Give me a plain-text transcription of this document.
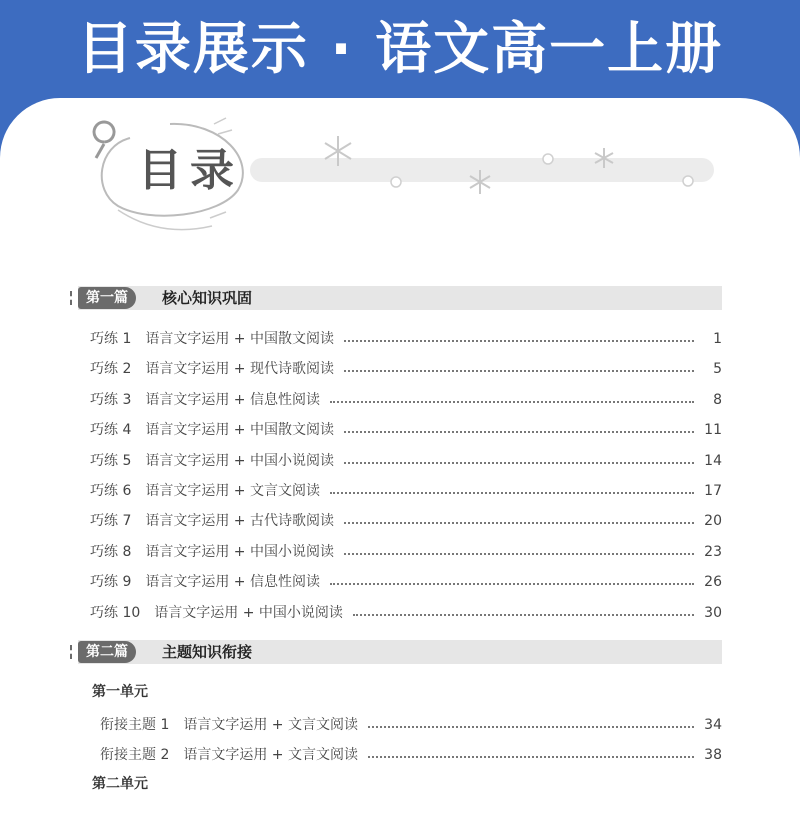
目录展示 · 语文高一上册
目录
第一篇	核心知识巩固
巧练 1 语言文字运用 + 中国散文阅读	1
巧练 2 语言文字运用 + 现代诗歌阅读	5
巧练 3 语言文字运用 + 信息性阅读	8
巧练 4 语言文字运用 + 中国散文阅读	11
巧练 5 语言文字运用 + 中国小说阅读	14
巧练 6 语言文字运用 + 文言文阅读	17
巧练 7 语言文字运用 + 古代诗歌阅读	20
巧练 8 语言文字运用 + 中国小说阅读	23
巧练 9 语言文字运用 + 信息性阅读	26
巧练 10 语言文字运用 + 中国小说阅读	30
第二篇	主题知识衔接
第一单元
衔接主题 1 语言文字运用 + 文言文阅读	34
衔接主题 2 语言文字运用 + 文言文阅读	38
第二单元
